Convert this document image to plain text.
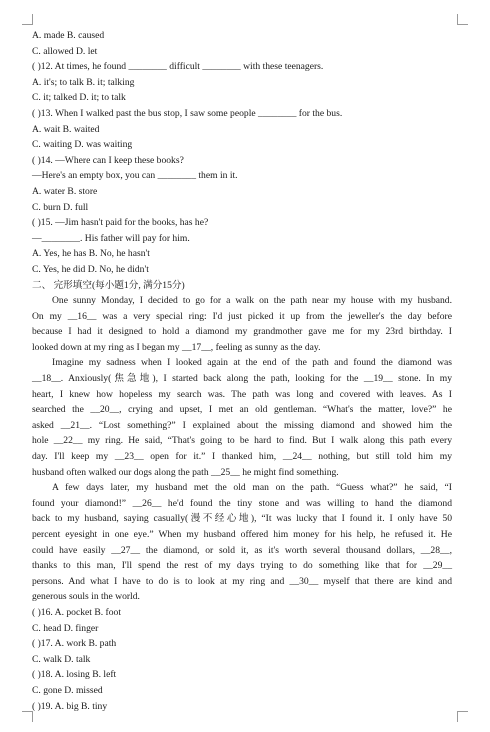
A. made B. caused
C. allowed D. let
( )12. At times, he found ________ difficult ________ with these teenagers.
A. it's; to talk B. it; talking
C. it; talked D. it; to talk
( )13. When I walked past the bus stop, I saw some people ________ for the bus.
A. wait B. waited
C. waiting D. was waiting
( )14. —Where can I keep these books?
—Here's an empty box, you can ________ them in it.
A. water B. store
C. burn D. full
( )15. —Jim hasn't paid for the books, has he?
—________. His father will pay for him.
A. Yes, he has B. No, he hasn't
C. Yes, he did D. No, he didn't
二、 完形填空(每小题1分, 满分15分)
One sunny Monday, I decided to go for a walk on the path near my house with my husband.
On my __16__ was a very special ring: I'd just picked it up from the jeweller's the day before
because I had it designed to hold a diamond my grandmother gave me for my 23rd birthday. I
looked down at my ring as I began my __17__, feeling as sunny as the day.
Imagine my sadness when I looked again at the end of the path and found the diamond was
__18__. Anxiously(焦急地), I started back along the path, looking for the __19__ stone. In my
heart, I knew how hopeless my search was. The path was long and covered with leaves. As I
searched the __20__, crying and upset, I met an old gentleman. “What's the matter, love?” he
asked __21__. “Lost something?” I explained about the missing diamond and showed him the
hole __22__ my ring. He said, “That's going to be hard to find. But I walk along this path every
day. I'll keep my __23__ open for it.” I thanked him, __24__ nothing, but still told him my
husband often walked our dogs along the path __25__ he might find something.
A few days later, my husband met the old man on the path. “Guess what?” he said, “I
found your diamond!” __26__ he'd found the tiny stone and was willing to hand the diamond
back to my husband, saying casually(漫不经心地), “It was lucky that I found it. I only have 50
percent eyesight in one eye.” When my husband offered him money for his help, he refused it. He
could have easily __27__ the diamond, or sold it, as it's worth several thousand dollars, __28__,
thanks to this man, I'll spend the rest of my days trying to do something like that for __29__
persons. And what I have to do is to look at my ring and __30__ myself that there are kind and
generous souls in the world.
( )16. A. pocket B. foot
C. head D. finger
( )17. A. work B. path
C. walk D. talk
( )18. A. losing B. left
C. gone D. missed
( )19. A. big B. tiny
